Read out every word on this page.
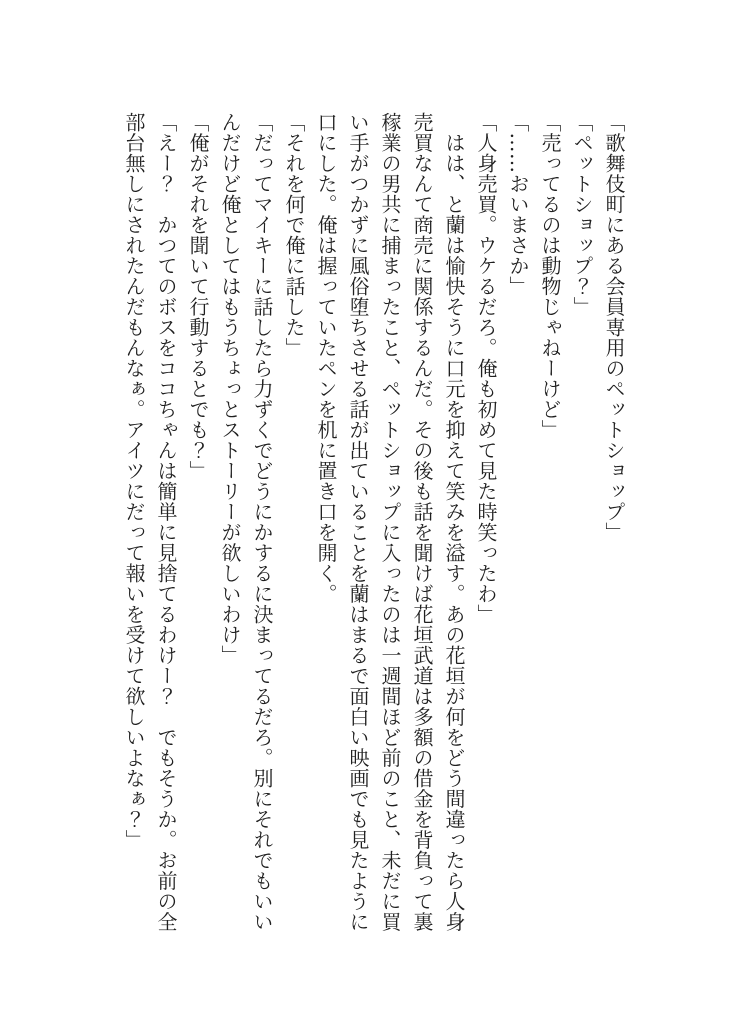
「歌舞伎町にある会員専用のペットショップ」

「ペットショップ？」

「売ってるのは動物じゃねーけど」

「……おいまさか」

「人身売買。ウケるだろ。俺も初めて見た時笑ったわ」

　はは、と蘭は愉快そうに口元を抑えて笑みを溢す。あの花垣が何をどう間違ったら人身売買なんて商売に関係するんだ。その後も話を聞けば花垣武道は多額の借金を背負って裏稼業の男共に捕まったこと、ペットショップに入ったのは一週間ほど前のこと、未だに買い手がつかずに風俗堕ちさせる話が出ていることを蘭はまるで面白い映画でも見たように口にした。俺は握っていたペンを机に置き口を開く。

「それを何で俺に話した」

「だってマイキーに話したら力ずくでどうにかするに決まってるだろ。別にそれでもいいんだけど俺としてはもうちょっとストーリーが欲しいわけ」

「俺がそれを聞いて行動するとでも？」

「えー？　かつてのボスをココちゃんは簡単に見捨てるわけー？　でもそうか。お前の全部台無しにされたんだもんなぁ。アイツにだって報いを受けて欲しいよなぁ？」
